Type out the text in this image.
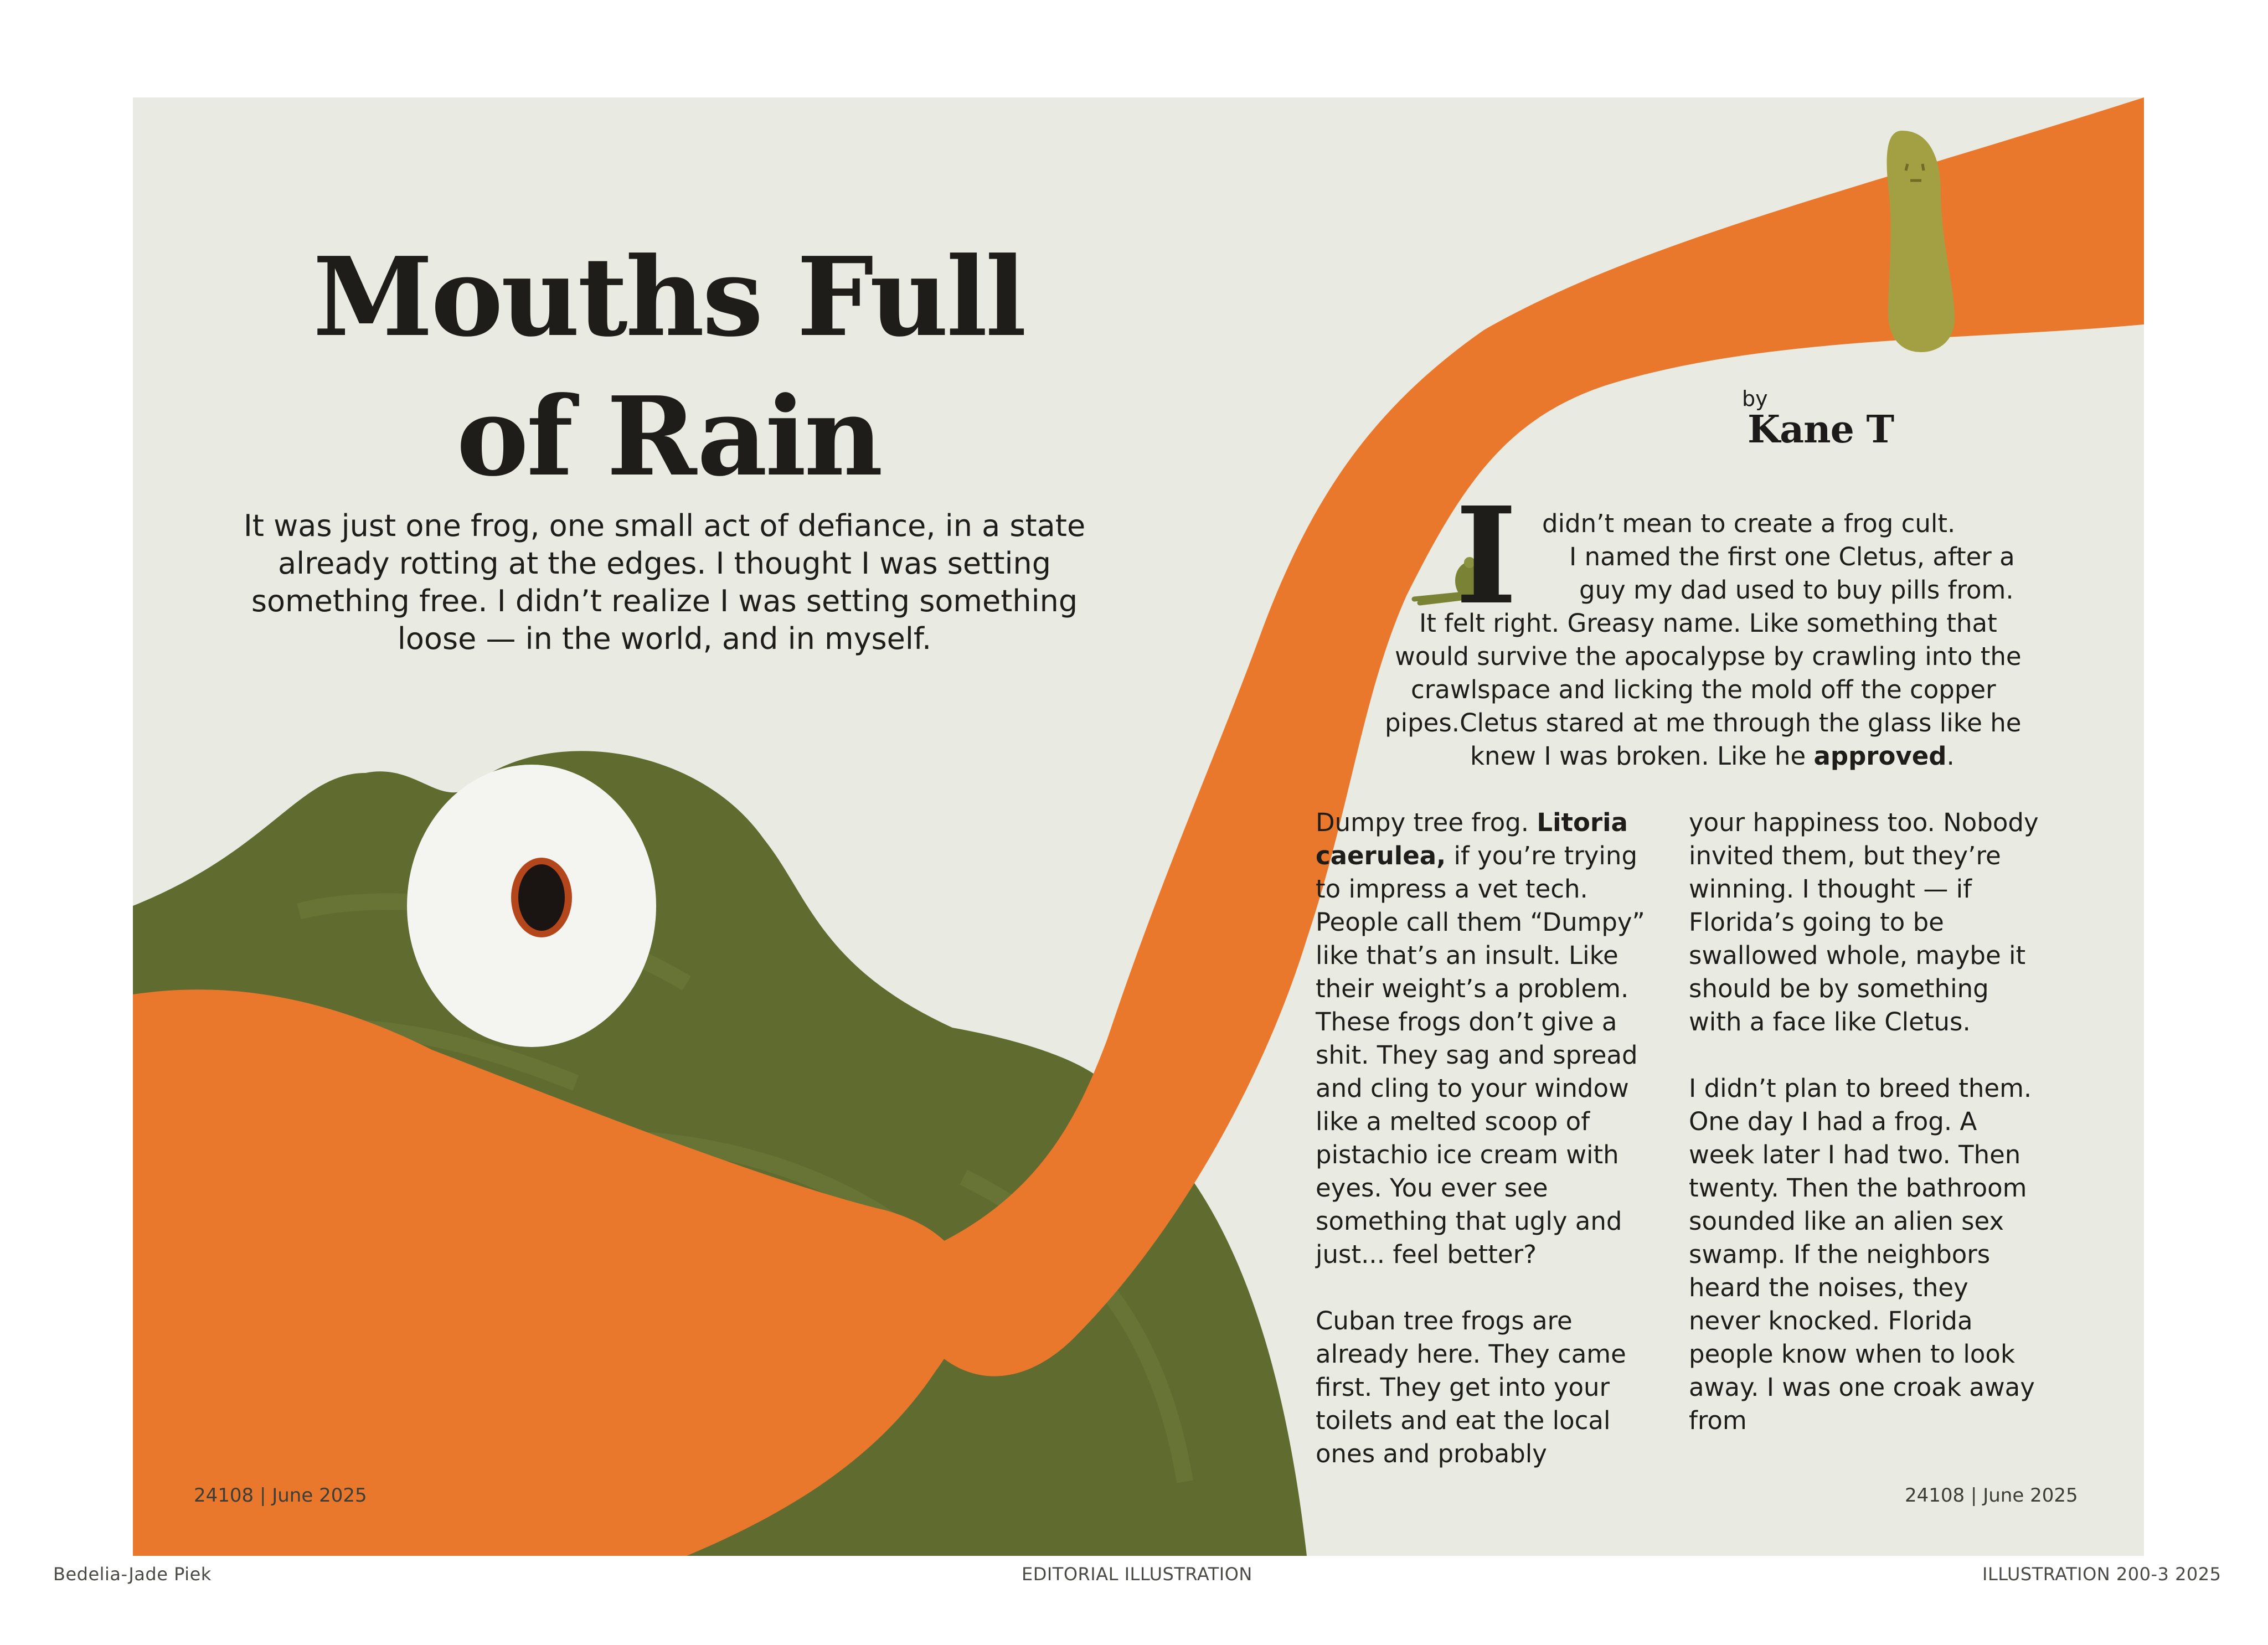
Mouths Full
of Rain
It was just one frog, one small act of defiance, in a state already rotting at the edges. I thought I was setting something free. I didn’t realize I was setting something loose — in the world, and in myself.
by
Kane T
I didn’t mean to create a frog cult.
I named the first one Cletus, after a
guy my dad used to buy pills from.
It felt right. Greasy name. Like something that
would survive the apocalypse by crawling into the
crawlspace and licking the mold off the copper
pipes.Cletus stared at me through the glass like he
knew I was broken. Like he approved.

Dumpy tree frog. Litoria caerulea, if you’re trying to impress a vet tech. People call them “Dumpy” like that’s an insult. Like their weight’s a problem. These frogs don’t give a shit. They sag and spread and cling to your window like a melted scoop of pistachio ice cream with eyes. You ever see something that ugly and just... feel better?

Cuban tree frogs are already here. They came first. They get into your toilets and eat the local ones and probably

your happiness too. Nobody invited them, but they’re winning. I thought — if Florida’s going to be swallowed whole, maybe it should be by something with a face like Cletus.

I didn’t plan to breed them. One day I had a frog. A week later I had two. Then twenty. Then the bathroom sounded like an alien sex swamp. If the neighbors heard the noises, they never knocked. Florida people know when to look away. I was one croak away from

24108 | June 2025	24108 | June 2025
Bedelia-Jade Piek	EDITORIAL ILLUSTRATION	ILLUSTRATION 200-3 2025
